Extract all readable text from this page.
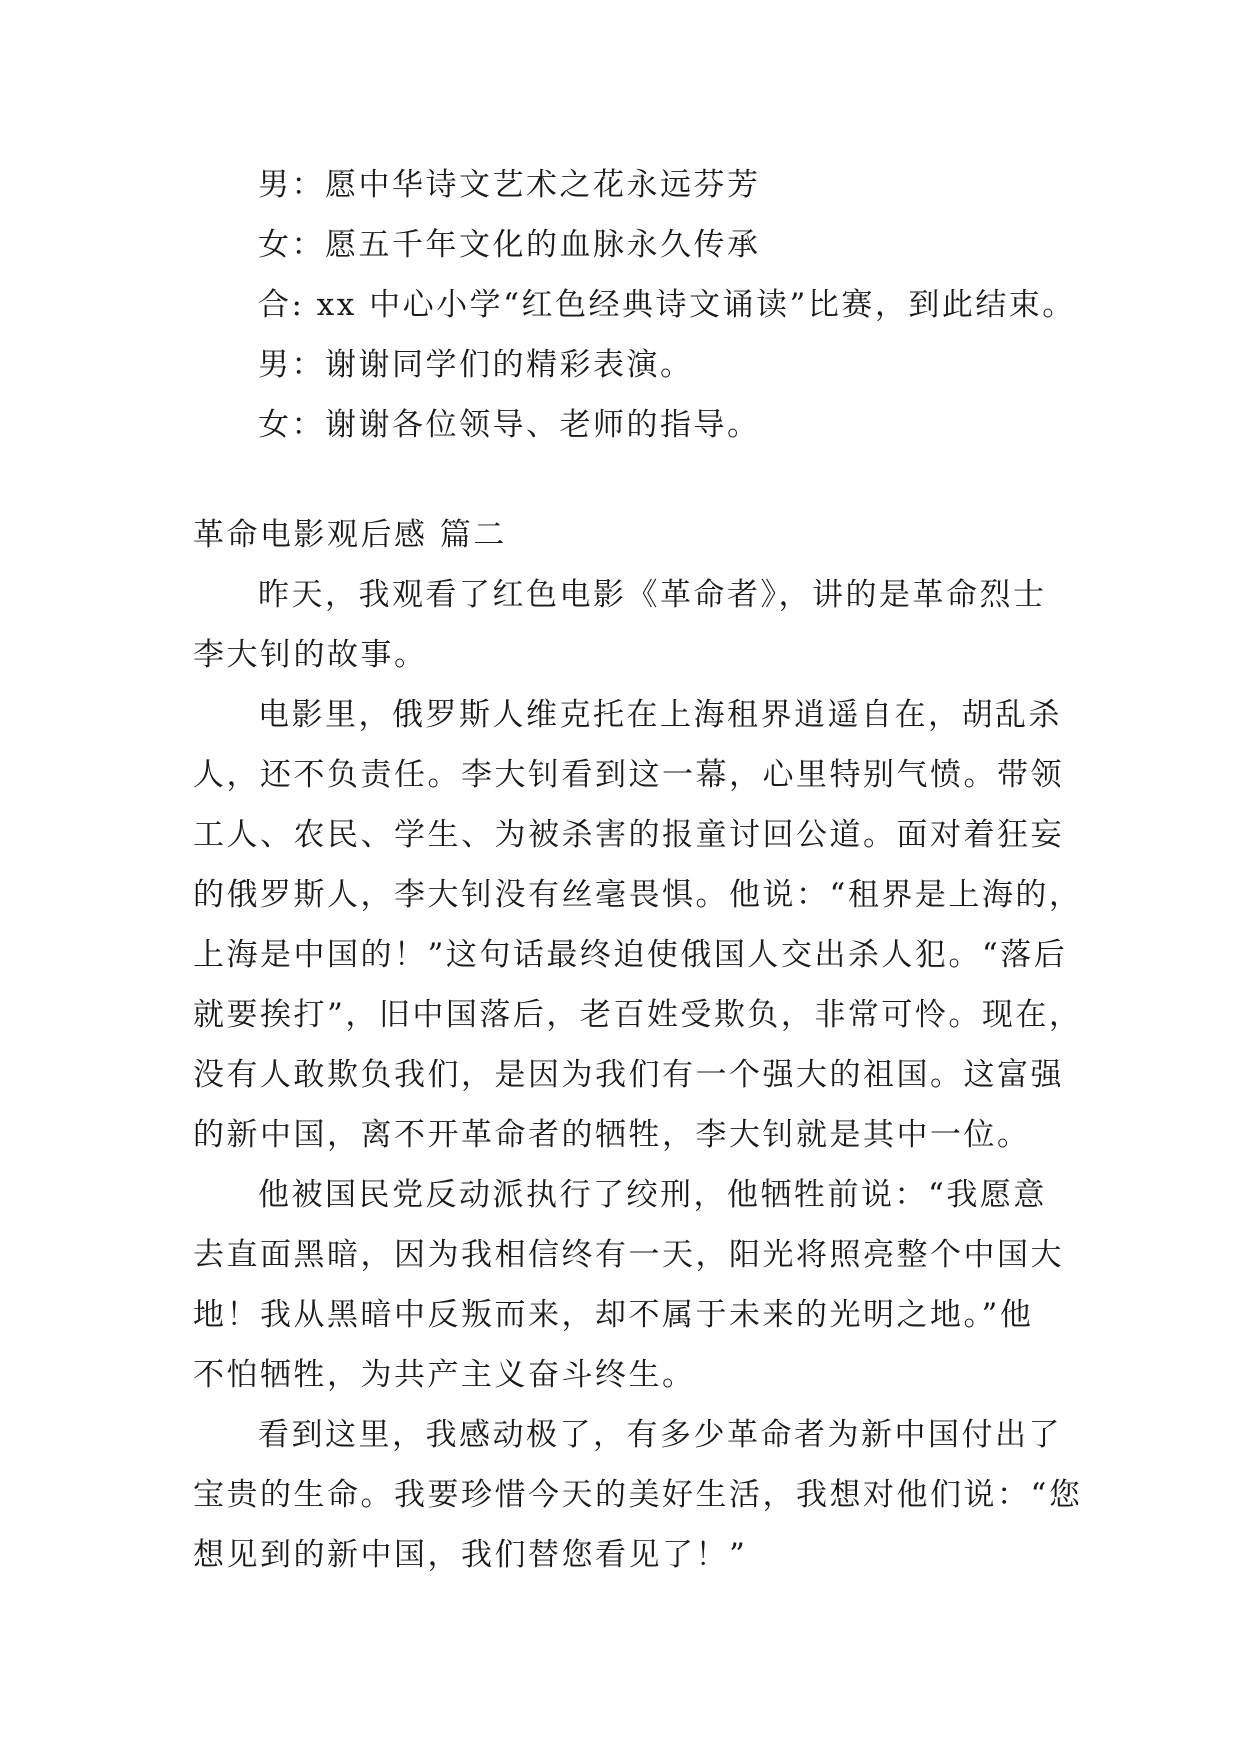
男：愿中华诗文艺术之花永远芬芳
女：愿五千年文化的血脉永久传承
合: xx 中心小学“红色经典诗文诵读”比赛，到此结束。
男：谢谢同学们的精彩表演。
女：谢谢各位领导、老师的指导。
革命电影观后感 篇二
昨天，我观看了红色电影《革命者》，讲的是革命烈士
李大钊的故事。
电影里，俄罗斯人维克托在上海租界逍遥自在，胡乱杀
人，还不负责任。李大钊看到这一幕，心里特别气愤。带领
工人、农民、学生、为被杀害的报童讨回公道。面对着狂妄
的俄罗斯人，李大钊没有丝毫畏惧。他说：“租界是上海的，
上海是中国的！”这句话最终迫使俄国人交出杀人犯。“落后
就要挨打”，旧中国落后，老百姓受欺负，非常可怜。现在，
没有人敢欺负我们，是因为我们有一个强大的祖国。这富强
的新中国，离不开革命者的牺牲，李大钊就是其中一位。
他被国民党反动派执行了绞刑，他牺牲前说：“我愿意
去直面黑暗，因为我相信终有一天，阳光将照亮整个中国大
地！我从黑暗中反叛而来，却不属于未来的光明之地。”他
不怕牺牲，为共产主义奋斗终生。
看到这里，我感动极了，有多少革命者为新中国付出了
宝贵的生命。我要珍惜今天的美好生活，我想对他们说：“您
想见到的新中国，我们替您看见了！”
